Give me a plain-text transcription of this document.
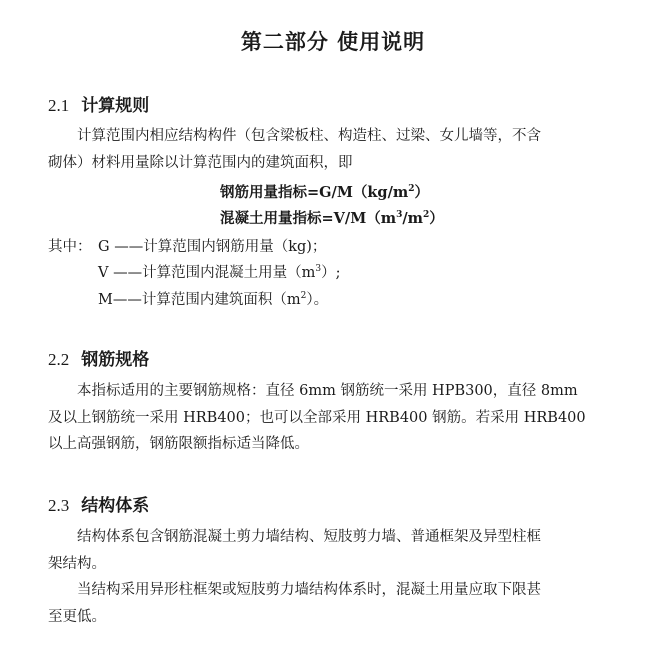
第二部分 使用说明
2.1 计算规则
计算范围内相应结构构件（包含梁板柱、构造柱、过梁、女儿墙等，不含
砌体）材料用量除以计算范围内的建筑面积，即
钢筋用量指标$=G/M(kg/m^2)$
混凝土用量指标$=V/M(m^3/m^2)$
其中： G ——计算范围内钢筋用量（kg)；
V ——计算范围内混凝土用量$(m^3)$;
M——计算范围内建筑面积$(m^2)$。
2.2 钢筋规格
本指标适用的主要钢筋规格：直径 6mm 钢筋统一采用 HPB300，直径 8mm
及以上钢筋统一采用 HRB400；也可以全部采用 HRB400 钢筋。若采用 HRB400
以上高强钢筋，钢筋限额指标适当降低。
2.3 结构体系
结构体系包含钢筋混凝土剪力墙结构、短肢剪力墙、普通框架及异型柱框
架结构。
当结构采用异形柱框架或短肢剪力墙结构体系时，混凝土用量应取下限甚
至更低。
